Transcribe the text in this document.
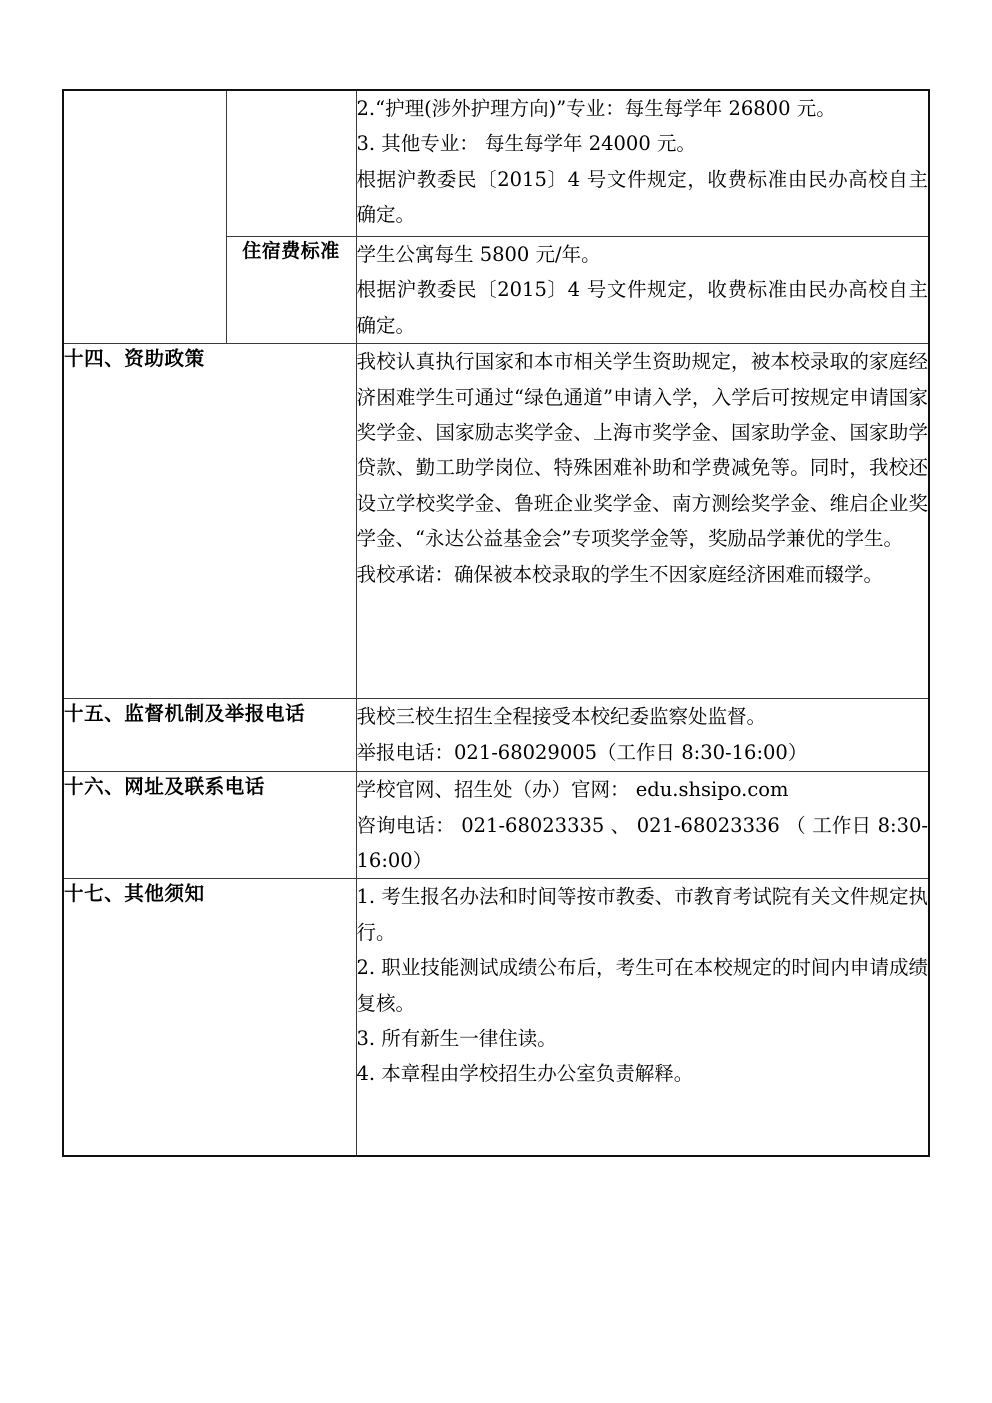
		2.“护理(涉外护理方向)”专业：每生每学年 26800 元。

3. 其他专业： 每生每学年 24000 元。

根据沪教委民〔2015〕4 号文件规定，收费标准由民办高校自主确定。

	住宿费标准	学生公寓每生 5800 元/年。

根据沪教委民〔2015〕4 号文件规定，收费标准由民办高校自主确定。

十四、资助政策		我校认真执行国家和本市相关学生资助规定，被本校录取的家庭经济困难学生可通过“绿色通道”申请入学，入学后可按规定申请国家奖学金、国家励志奖学金、上海市奖学金、国家助学金、国家助学贷款、勤工助学岗位、特殊困难补助和学费减免等。同时，我校还设立学校奖学金、鲁班企业奖学金、南方测绘奖学金、维启企业奖学金、“永达公益基金会”专项奖学金等，奖励品学兼优的学生。

我校承诺：确保被本校录取的学生不因家庭经济困难而辍学。

十五、监督机制及举报电话		我校三校生招生全程接受本校纪委监察处监督。

举报电话：021-68029005（工作日 8:30-16:00）

十六、网址及联系电话		学校官网、招生处（办）官网： edu.shsipo.com

咨询电话： 021-68023335 、 021-68023336 （ 工作日 8:30-16:00）

十七、其他须知		1. 考生报名办法和时间等按市教委、市教育考试院有关文件规定执行。

2. 职业技能测试成绩公布后，考生可在本校规定的时间内申请成绩复核。

3. 所有新生一律住读。

4. 本章程由学校招生办公室负责解释。
